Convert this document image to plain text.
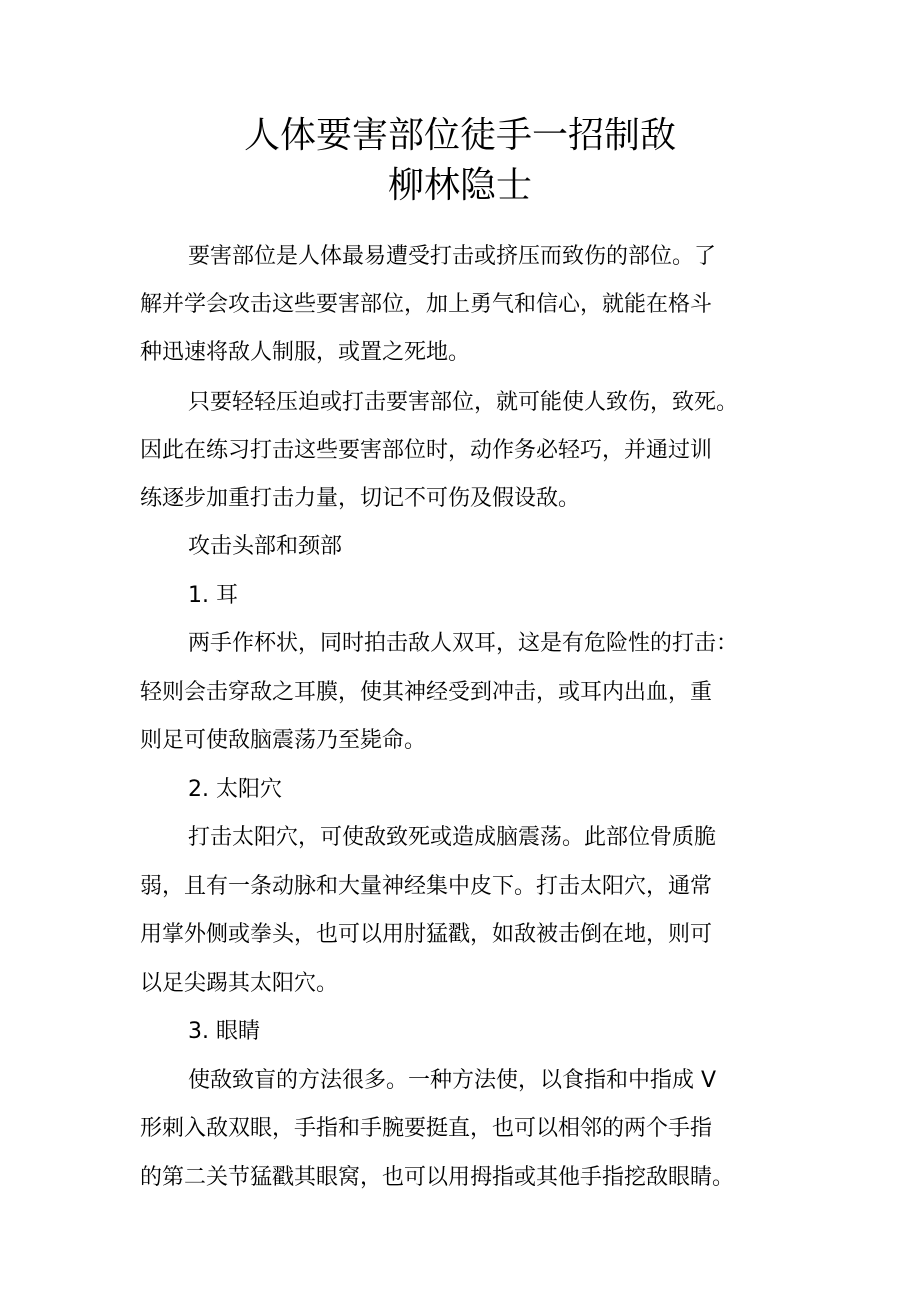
人体要害部位徒手一招制敌
柳林隐士
要害部位是人体最易遭受打击或挤压而致伤的部位。了
解并学会攻击这些要害部位，加上勇气和信心，就能在格斗
种迅速将敌人制服，或置之死地。
只要轻轻压迫或打击要害部位，就可能使人致伤，致死。
因此在练习打击这些要害部位时，动作务必轻巧，并通过训
练逐步加重打击力量，切记不可伤及假设敌。
攻击头部和颈部
1. 耳
两手作杯状，同时拍击敌人双耳，这是有危险性的打击：
轻则会击穿敌之耳膜，使其神经受到冲击，或耳内出血，重
则足可使敌脑震荡乃至毙命。
2. 太阳穴
打击太阳穴，可使敌致死或造成脑震荡。此部位骨质脆
弱，且有一条动脉和大量神经集中皮下。打击太阳穴，通常
用掌外侧或拳头，也可以用肘猛戳，如敌被击倒在地，则可
以足尖踢其太阳穴。
3. 眼睛
使敌致盲的方法很多。一种方法使，以食指和中指成 V
形刺入敌双眼，手指和手腕要挺直，也可以相邻的两个手指
的第二关节猛戳其眼窝，也可以用拇指或其他手指挖敌眼睛。
